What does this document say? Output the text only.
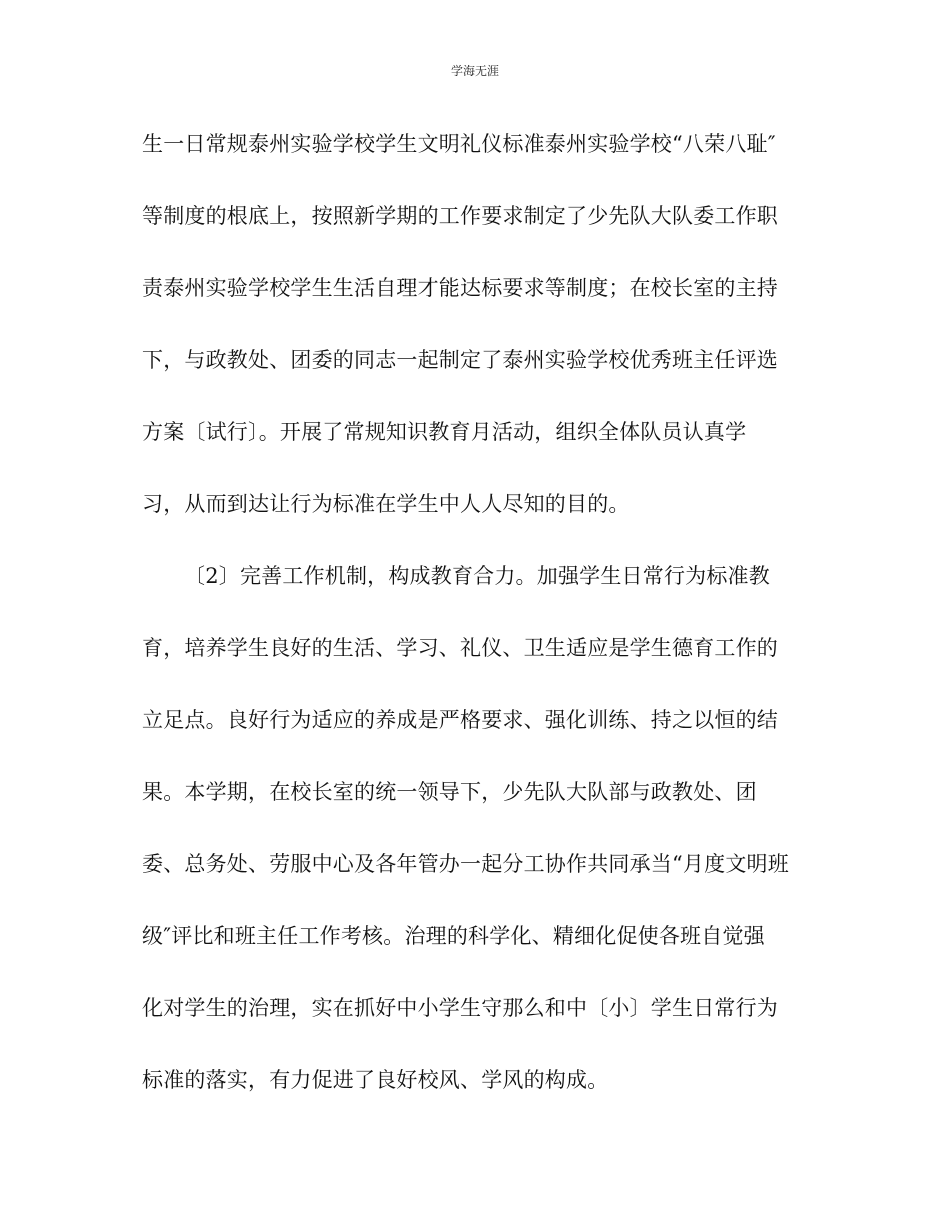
学海无涯
生一日常规泰州实验学校学生文明礼仪标准泰州实验学校“八荣八耻″
等制度的根底上，按照新学期的工作要求制定了少先队大队委工作职
责泰州实验学校学生生活自理才能达标要求等制度；在校长室的主持
下，与政教处、团委的同志一起制定了泰州实验学校优秀班主任评选
方案〔试行〕。开展了常规知识教育月活动，组织全体队员认真学
习，从而到达让行为标准在学生中人人尽知的目的。
〔2〕完善工作机制，构成教育合力。加强学生日常行为标准教
育，培养学生良好的生活、学习、礼仪、卫生适应是学生德育工作的
立足点。良好行为适应的养成是严格要求、强化训练、持之以恒的结
果。本学期，在校长室的统一领导下，少先队大队部与政教处、团
委、总务处、劳服中心及各年管办一起分工协作共同承当“月度文明班
级″评比和班主任工作考核。治理的科学化、精细化促使各班自觉强
化对学生的治理，实在抓好中小学生守那么和中〔小〕学生日常行为
标准的落实，有力促进了良好校风、学风的构成。
